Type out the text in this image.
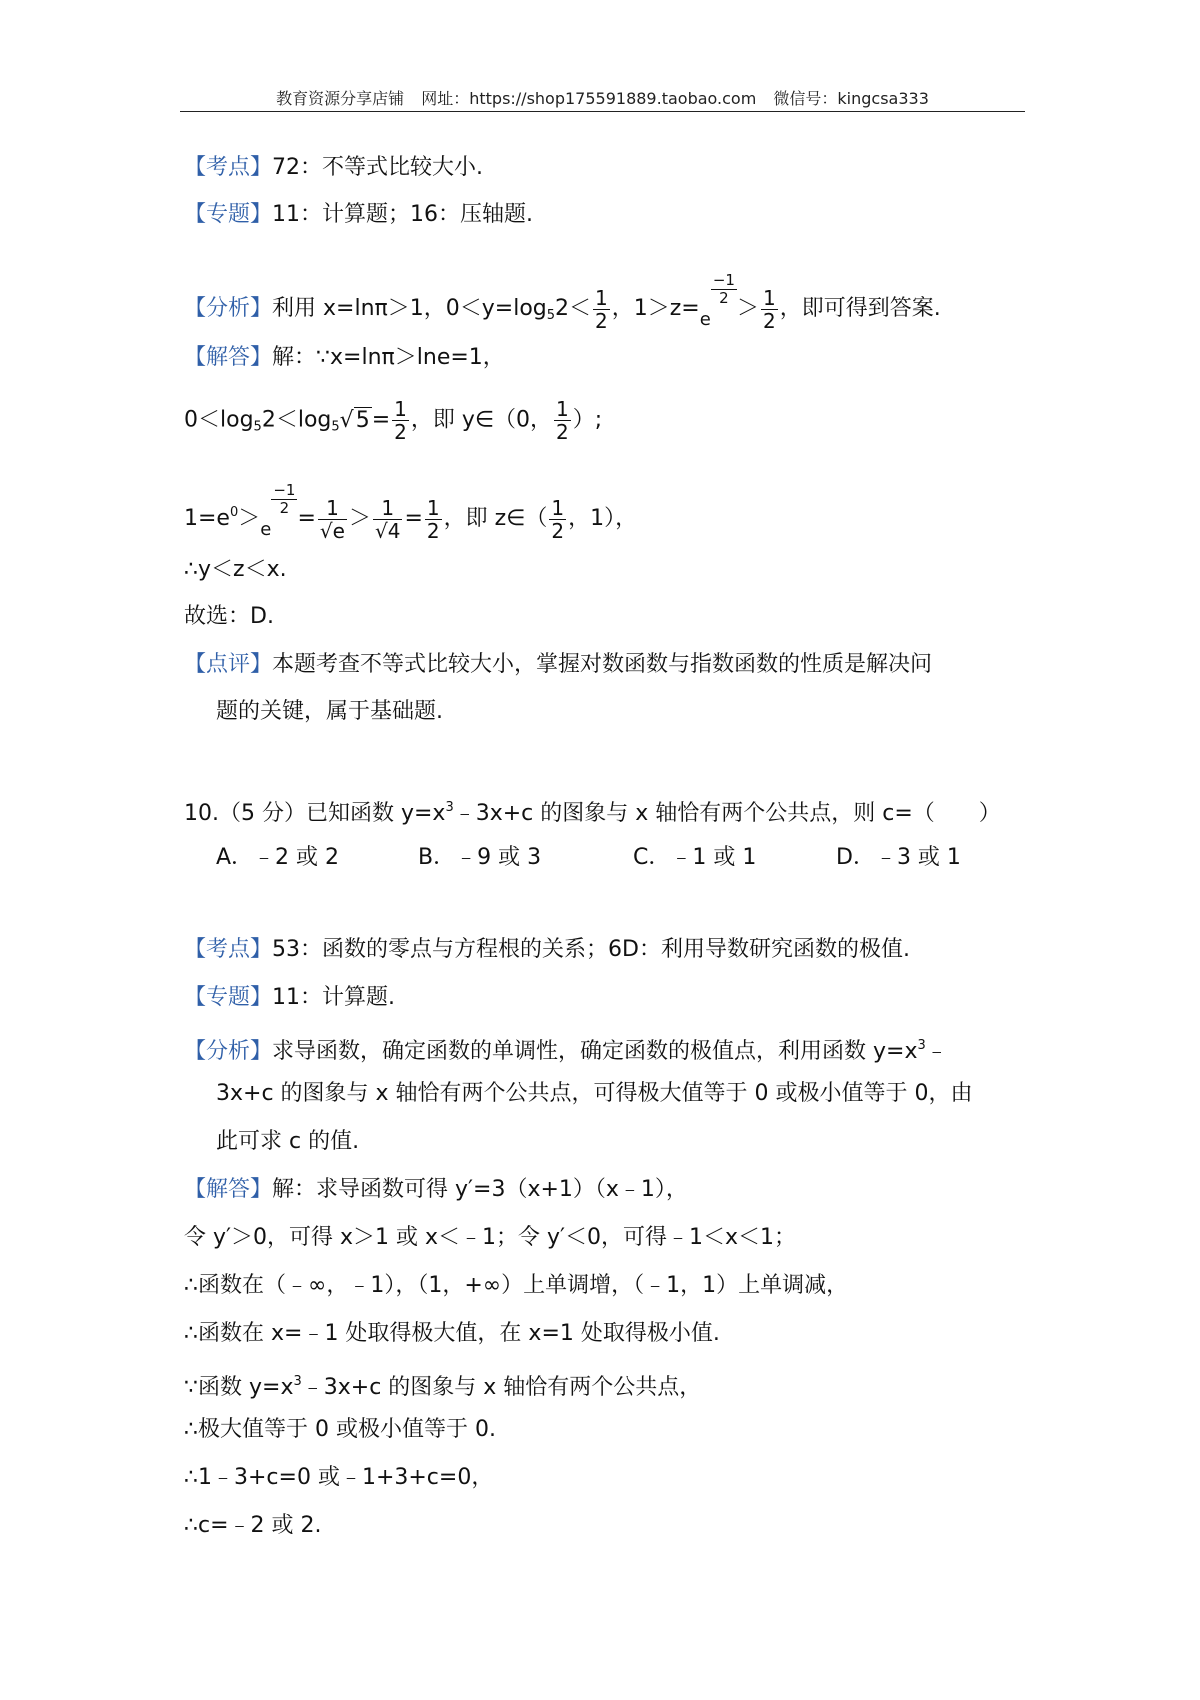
教育资源分享店铺 网址：https://shop175591889.taobao.com 微信号：kingcsa333
【考点】72：不等式比较大小.
【专题】11：计算题；16：压轴题.
【分析】利用 x=lnπ＞1，$0<y=\log 52< \frac{1}{2}$ ，1＞z=e
$\frac{-1}{2}$
＞ $\frac{1}{2}$ ，即可得到答案.
【解答】解：∵x=lnπ＞lne=1，
$0<\log 52<\log 5√5= \frac{1}{2}$ ，即 y∈（0， $\frac{1}{2}$ ）;
$1=e^0>e$
$\frac{-1}{2}$
= $\frac{1}{√e} > \frac{1}{√4} = \frac{1}{2}$ ，即 z∈（ $\frac{1}{2}$ ，1），
∴y＜z＜x.
故选：D.
【点评】本题考查不等式比较大小，掌握对数函数与指数函数的性质是解决问
题的关键，属于基础题.
10.（5 分）已知函数 $y=x^3﹣3x+c$ 的图象与 x 轴恰有两个公共点，则 c=（　　）
A．﹣2 或 2	B．﹣9 或 3	C．﹣1 或 1	D．﹣3 或 1
【考点】53：函数的零点与方程根的关系；6D：利用导数研究函数的极值.
【专题】11：计算题.
【分析】求导函数，确定函数的单调性，确定函数的极值点，利用函数 $y=x^3﹣$
3x+c 的图象与 x 轴恰有两个公共点，可得极大值等于 0 或极小值等于 0，由
此可求 c 的值.
【解答】解：求导函数可得 y′=3（x+1）（x﹣1），
令 y′＞0，可得 x＞1 或 x＜﹣1；令 y′＜0，可得﹣1＜x＜1；
∴函数在（﹣∞，﹣1），（1，+∞）上单调增，（﹣1，1）上单调减，
∴函数在 x=﹣1 处取得极大值，在 x=1 处取得极小值.
∵函数 $y=x^3﹣3x+c$ 的图象与 x 轴恰有两个公共点，
∴极大值等于 0 或极小值等于 0.
∴1﹣3+c=0 或﹣1+3+c=0，
∴c=﹣2 或 2.
